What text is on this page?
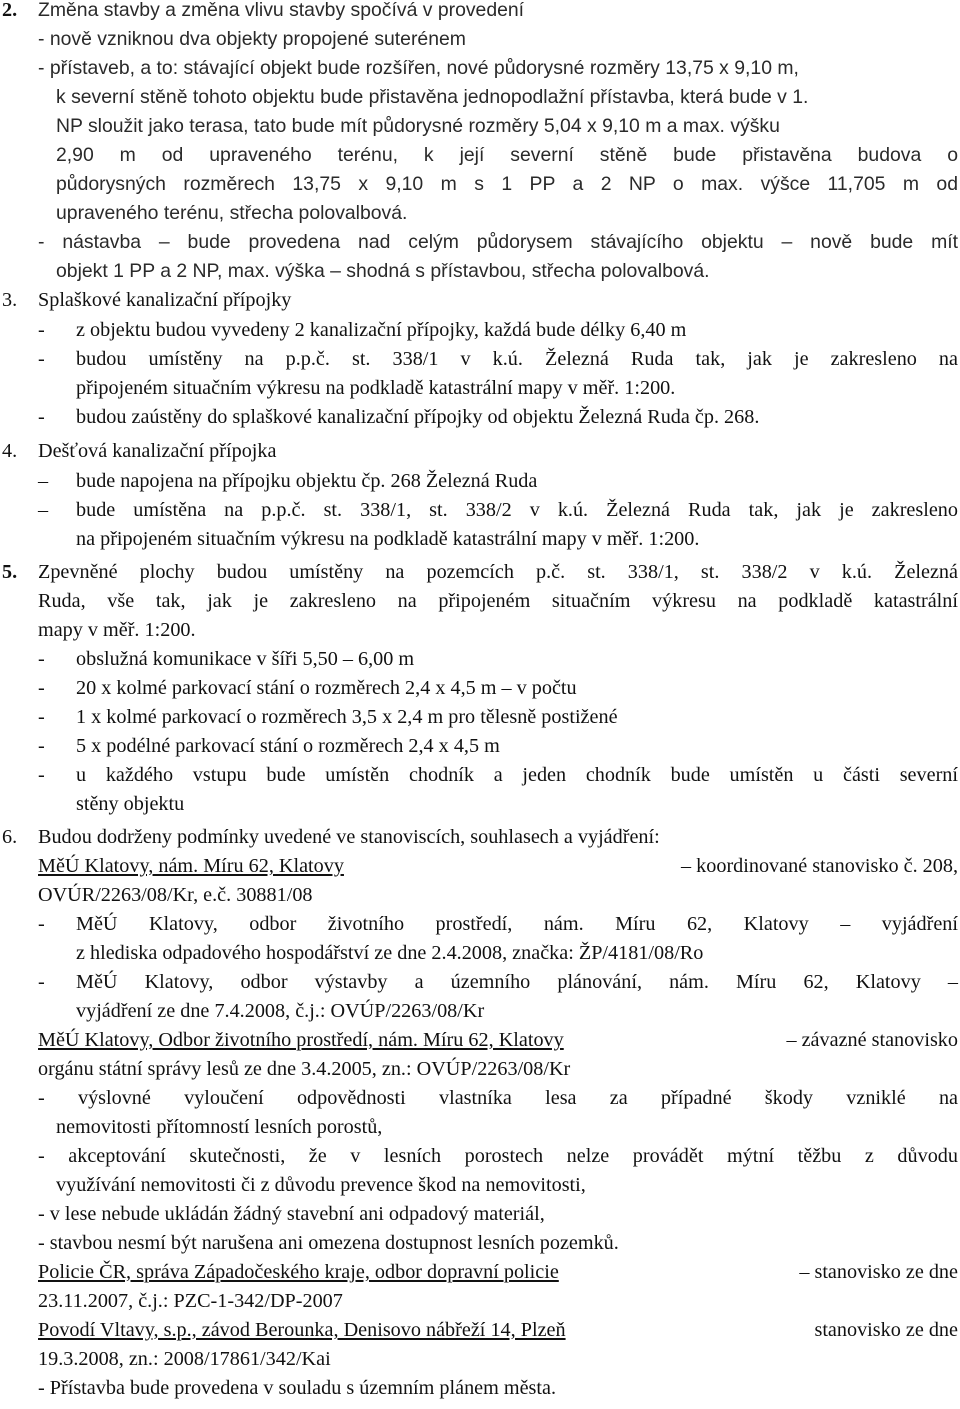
2. Změna stavby a změna vlivu stavby spočívá v provedení
- nově vzniknou dva objekty propojené suterénem
- přístaveb, a to: stávající objekt bude rozšířen, nové půdorysné rozměry 13,75 x 9,10 m,
k severní stěně tohoto objektu bude přistavěna jednopodlažní přístavba, která bude v 1.
NP sloužit jako terasa, tato bude mít půdorysné rozměry 5,04 x 9,10 m a max. výšku
2,90 m od upraveného terénu, k její severní stěně bude přistavěna budova o
půdorysných rozměrech 13,75 x 9,10 m s 1 PP a 2 NP o max. výšce 11,705 m od
upraveného terénu, střecha polovalbová.
- nástavba – bude provedena nad celým půdorysem stávajícího objektu – nově bude mít
objekt 1 PP a 2 NP, max. výška – shodná s přístavbou, střecha polovalbová.
3. Splaškové kanalizační přípojky
- z objektu budou vyvedeny 2 kanalizační přípojky, každá bude délky 6,40 m
- budou umístěny na p.p.č. st. 338/1 v k.ú. Železná Ruda tak, jak je zakresleno na
připojeném situačním výkresu na podkladě katastrální mapy v měř. 1:200.
- budou zaústěny do splaškové kanalizační přípojky od objektu Železná Ruda čp. 268.
4. Dešťová kanalizační přípojka
– bude napojena na přípojku objektu čp. 268 Železná Ruda
– bude umístěna na p.p.č. st. 338/1, st. 338/2 v k.ú. Železná Ruda tak, jak je zakresleno
na připojeném situačním výkresu na podkladě katastrální mapy v měř. 1:200.
5. Zpevněné plochy budou umístěny na pozemcích p.č. st. 338/1, st. 338/2 v k.ú. Železná
Ruda, vše tak, jak je zakresleno na připojeném situačním výkresu na podkladě katastrální
mapy v měř. 1:200.
- obslužná komunikace v šíři 5,50 – 6,00 m
- 20 x kolmé parkovací stání o rozměrech 2,4 x 4,5 m – v počtu
- 1 x kolmé parkovací o rozměrech 3,5 x 2,4 m pro tělesně postižené
- 5 x podélné parkovací stání o rozměrech 2,4 x 4,5 m
- u každého vstupu bude umístěn chodník a jeden chodník bude umístěn u části severní
stěny objektu
6. Budou dodrženy podmínky uvedené ve stanoviscích, souhlasech a vyjádření:
MěÚ Klatovy, nám. Míru 62, Klatovy	– koordinované stanovisko č. 208,
OVÚR/2263/08/Kr, e.č. 30881/08
- MěÚ Klatovy, odbor životního prostředí, nám. Míru 62, Klatovy – vyjádření
z hlediska odpadového hospodářství ze dne 2.4.2008, značka: ŽP/4181/08/Ro
- MěÚ Klatovy, odbor výstavby a územního plánování, nám. Míru 62, Klatovy –
vyjádření ze dne 7.4.2008, č.j.: OVÚP/2263/08/Kr
MěÚ Klatovy, Odbor životního prostředí, nám. Míru 62, Klatovy	– závazné stanovisko
orgánu státní správy lesů ze dne 3.4.2005, zn.: OVÚP/2263/08/Kr
- výslovné vyloučení odpovědnosti vlastníka lesa za případné škody vzniklé na
nemovitosti přítomností lesních porostů,
- akceptování skutečnosti, že v lesních porostech nelze provádět mýtní těžbu z důvodu
využívání nemovitosti či z důvodu prevence škod na nemovitosti,
- v lese nebude ukládán žádný stavební ani odpadový materiál,
- stavbou nesmí být narušena ani omezena dostupnost lesních pozemků.
Policie ČR, správa Západočeského kraje, odbor dopravní policie	– stanovisko ze dne
23.11.2007, č.j.: PZC-1-342/DP-2007
Povodí Vltavy, s.p., závod Berounka, Denisovo nábřeží 14, Plzeň	stanovisko ze dne
19.3.2008, zn.: 2008/17861/342/Kai
- Přístavba bude provedena v souladu s územním plánem města.
